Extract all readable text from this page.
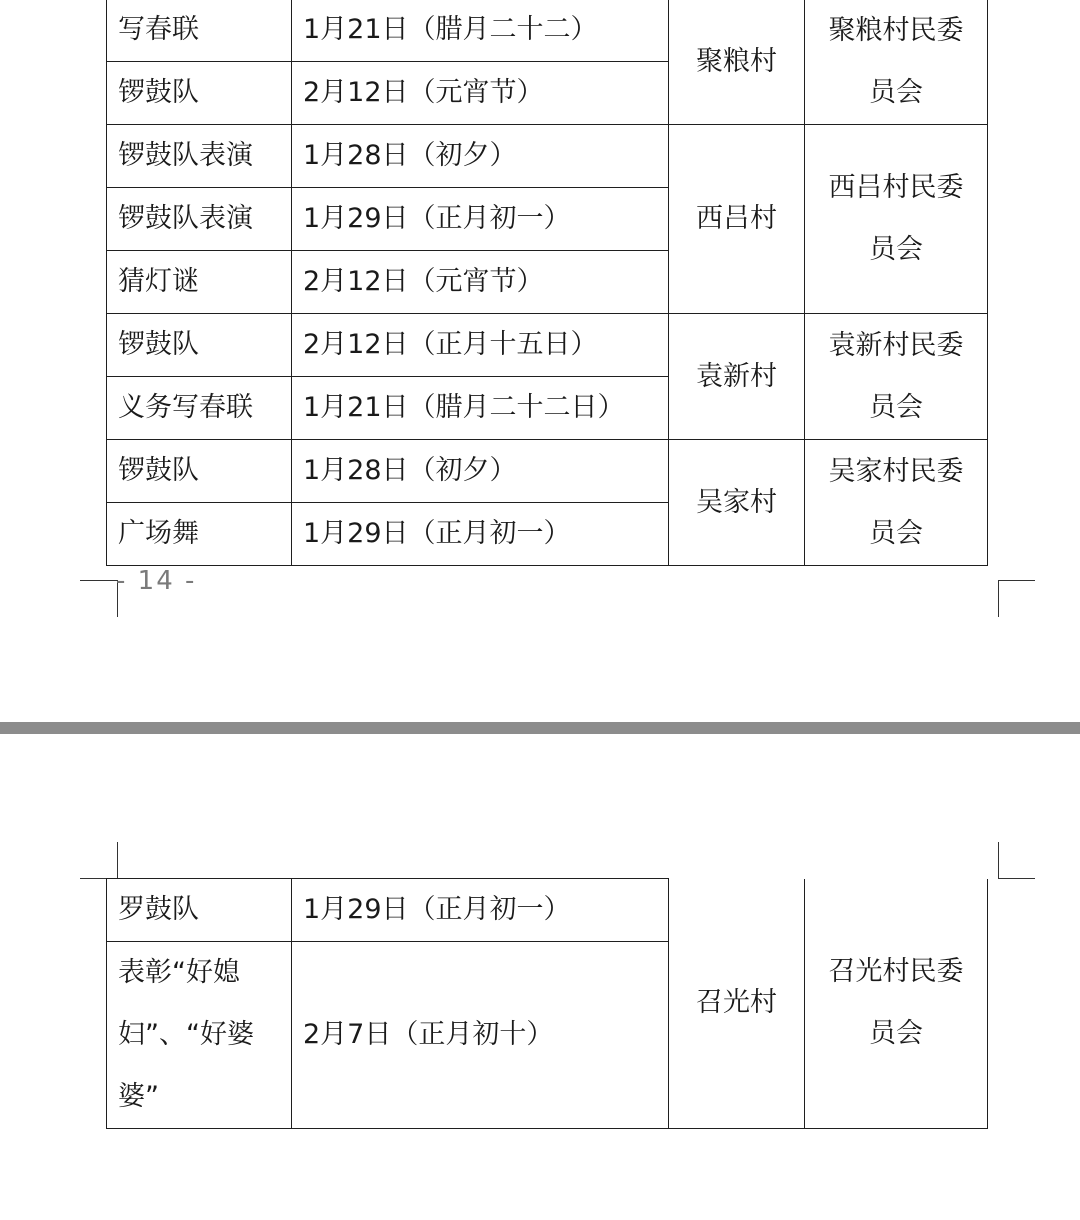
写春联	1月21日（腊月二十二）	聚粮村	聚粮村民委
员会

锣鼓队	2月12日（元宵节）		
锣鼓队表演	1月28日（初夕）	西吕村	西吕村民委
员会

锣鼓队表演	1月29日（正月初一）		
猜灯谜	2月12日（元宵节）		
锣鼓队	2月12日（正月十五日）	袁新村	袁新村民委
员会

义务写春联	1月21日（腊月二十二日）		
锣鼓队	1月28日（初夕）	吴家村	吴家村民委
员会

广场舞	1月29日（正月初一）		
- 14 -
罗鼓队	1月29日（正月初一）	召光村	召光村民委
员会

表彰“好媳
妇”、“好婆
婆”	2月7日（正月初十）		
